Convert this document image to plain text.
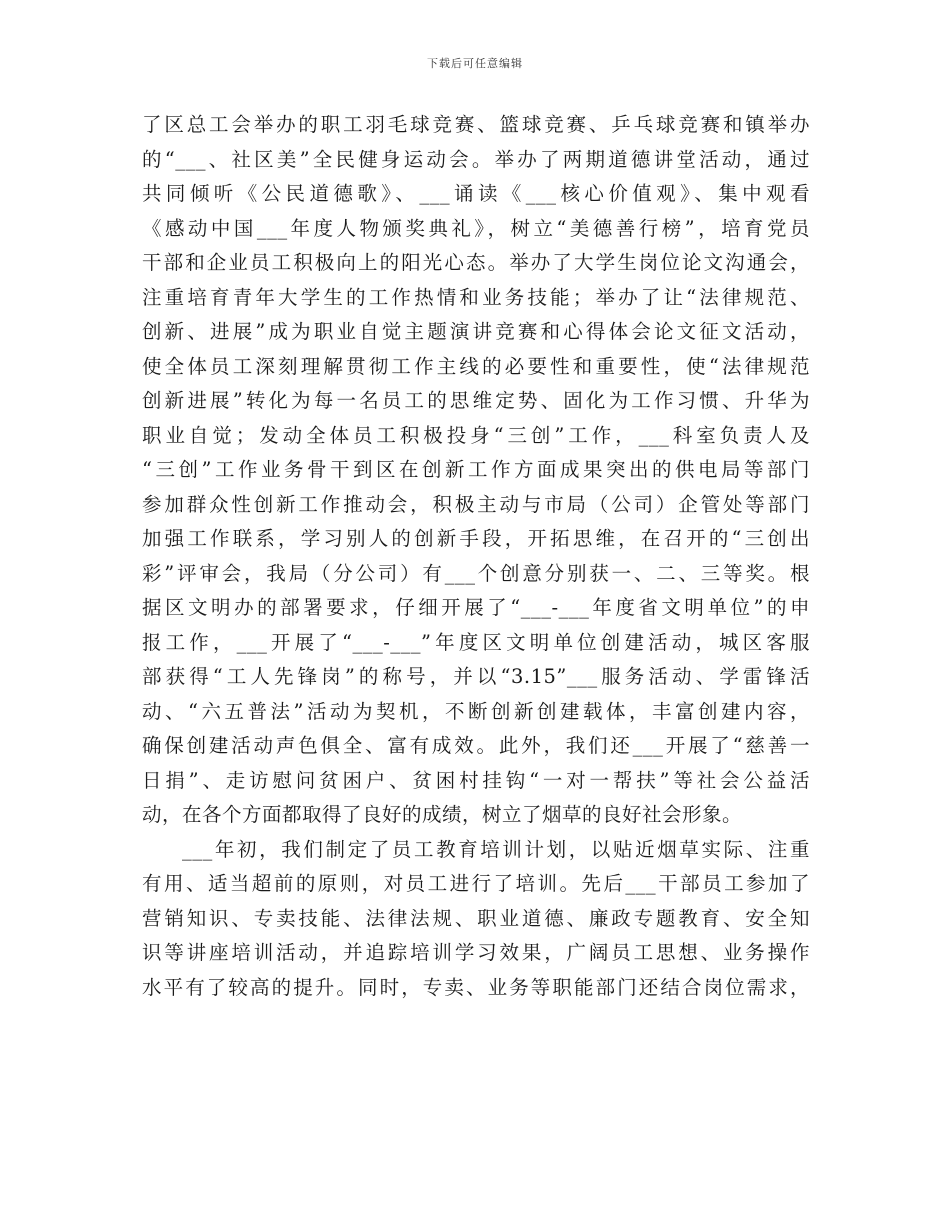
下载后可任意编辑
了区总工会举办的职工羽毛球竞赛、篮球竞赛、乒乓球竞赛和镇举办
的“___、社区美”全民健身运动会。举办了两期道德讲堂活动，通过
共同倾听《公民道德歌》、___诵读《___核心价值观》、集中观看
《感动中国___年度人物颁奖典礼》，树立“美德善行榜”，培育党员
干部和企业员工积极向上的阳光心态。举办了大学生岗位论文沟通会，
注重培育青年大学生的工作热情和业务技能；举办了让“法律规范、
创新、进展”成为职业自觉主题演讲竞赛和心得体会论文征文活动，
使全体员工深刻理解贯彻工作主线的必要性和重要性，使“法律规范
创新进展”转化为每一名员工的思维定势、固化为工作习惯、升华为
职业自觉；发动全体员工积极投身“三创”工作，___科室负责人及
“三创”工作业务骨干到区在创新工作方面成果突出的供电局等部门
参加群众性创新工作推动会，积极主动与市局（公司）企管处等部门
加强工作联系，学习别人的创新手段，开拓思维，在召开的“三创出
彩”评审会，我局（分公司）有___个创意分别获一、二、三等奖。根
据区文明办的部署要求，仔细开展了“___-___年度省文明单位”的申
报工作，___开展了“___-___”年度区文明单位创建活动，城区客服
部获得“工人先锋岗”的称号，并以“3.15”___服务活动、学雷锋活
动、“六五普法”活动为契机，不断创新创建载体，丰富创建内容，
确保创建活动声色俱全、富有成效。此外，我们还___开展了“慈善一
日捐”、走访慰问贫困户、贫困村挂钩“一对一帮扶”等社会公益活
动，在各个方面都取得了良好的成绩，树立了烟草的良好社会形象。
___年初，我们制定了员工教育培训计划，以贴近烟草实际、注重
有用、适当超前的原则，对员工进行了培训。先后___干部员工参加了
营销知识、专卖技能、法律法规、职业道德、廉政专题教育、安全知
识等讲座培训活动，并追踪培训学习效果，广阔员工思想、业务操作
水平有了较高的提升。同时，专卖、业务等职能部门还结合岗位需求，
